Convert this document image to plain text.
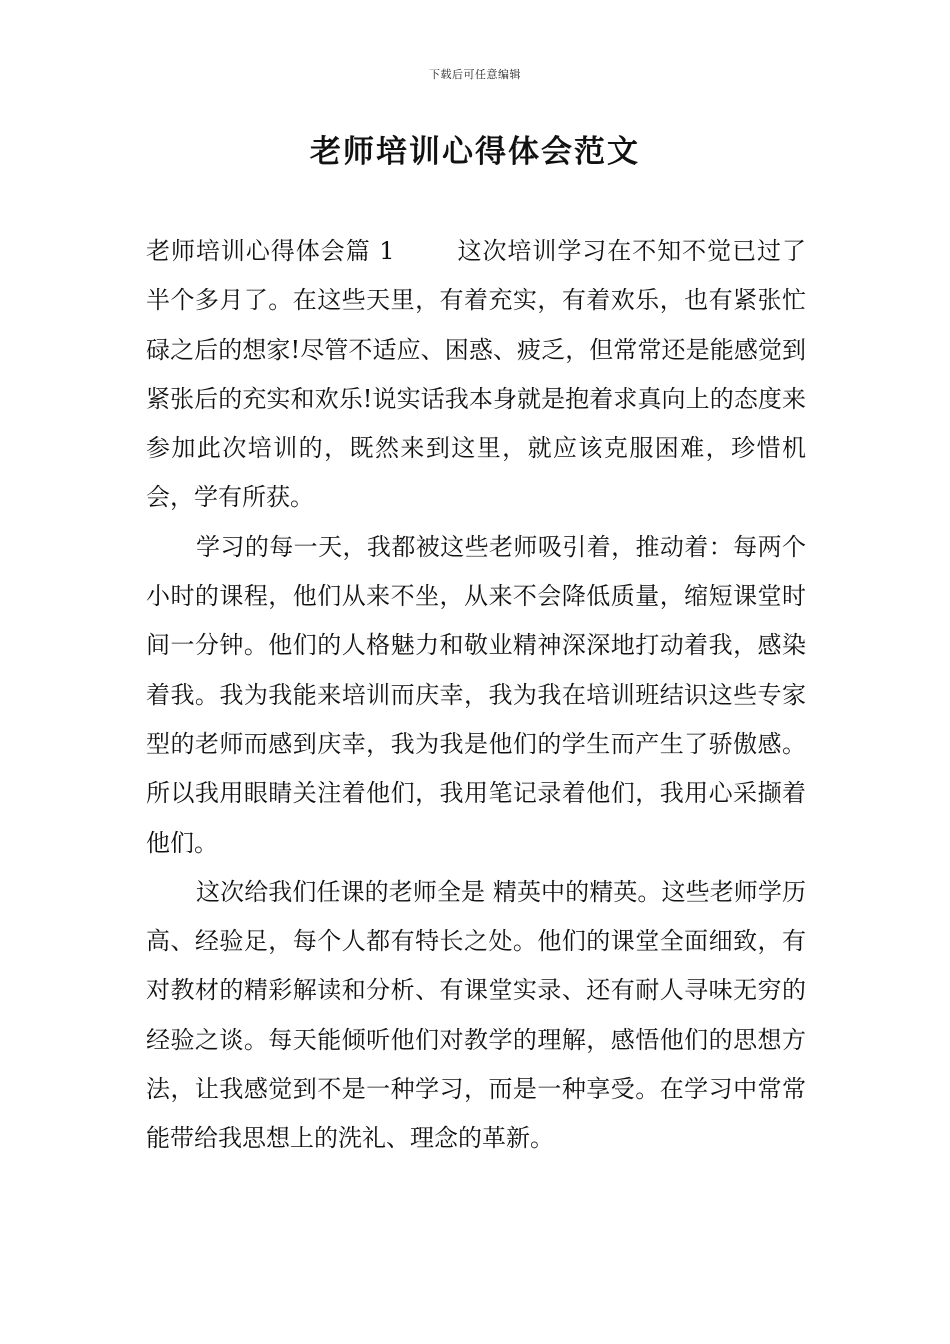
下载后可任意编辑
老师培训心得体会范文

老师培训心得体会篇 1	这次培训学习在不知不觉已过了半个多月了。在这些天里，有着充实，有着欢乐，也有紧张忙碌之后的想家!尽管不适应、困惑、疲乏，但常常还是能感觉到紧张后的充实和欢乐!说实话我本身就是抱着求真向上的态度来参加此次培训的，既然来到这里，就应该克服困难，珍惜机会，学有所获。

学习的每一天，我都被这些老师吸引着，推动着：每两个小时的课程，他们从来不坐，从来不会降低质量，缩短课堂时间一分钟。他们的人格魅力和敬业精神深深地打动着我，感染着我。我为我能来培训而庆幸，我为我在培训班结识这些专家型的老师而感到庆幸，我为我是他们的学生而产生了骄傲感。所以我用眼睛关注着他们，我用笔记录着他们，我用心采撷着他们。

这次给我们任课的老师全是 精英中的精英。这些老师学历高、经验足，每个人都有特长之处。他们的课堂全面细致，有对教材的精彩解读和分析、有课堂实录、还有耐人寻味无穷的经验之谈。每天能倾听他们对教学的理解，感悟他们的思想方法，让我感觉到不是一种学习，而是一种享受。在学习中常常能带给我思想上的洗礼、理念的革新。
